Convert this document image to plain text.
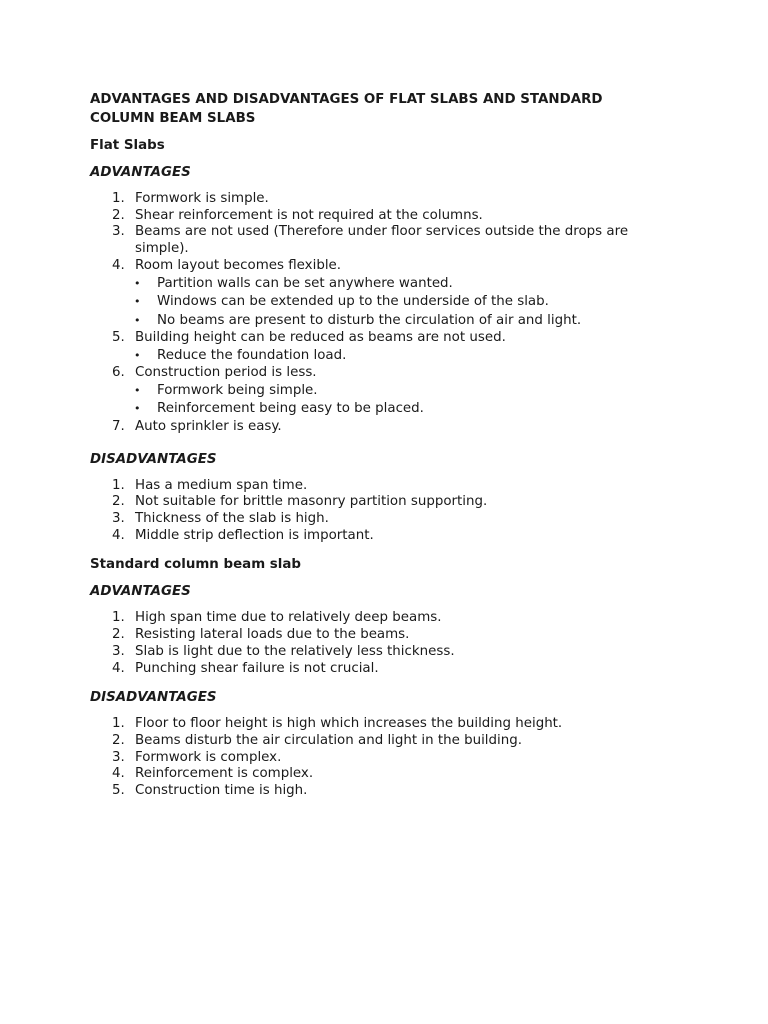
ADVANTAGES AND DISADVANTAGES OF FLAT SLABS AND STANDARD COLUMN BEAM SLABS
Flat Slabs
ADVANTAGES
1. Formwork is simple.
2. Shear reinforcement is not required at the columns.
3. Beams are not used (Therefore under floor services outside the drops are simple).
4. Room layout becomes flexible.
• Partition walls can be set anywhere wanted.
• Windows can be extended up to the underside of the slab.
• No beams are present to disturb the circulation of air and light.
5. Building height can be reduced as beams are not used.
• Reduce the foundation load.
6. Construction period is less.
• Formwork being simple.
• Reinforcement being easy to be placed.
7. Auto sprinkler is easy.
DISADVANTAGES
1. Has a medium span time.
2. Not suitable for brittle masonry partition supporting.
3. Thickness of the slab is high.
4. Middle strip deflection is important.
Standard column beam slab
ADVANTAGES
1. High span time due to relatively deep beams.
2. Resisting lateral loads due to the beams.
3. Slab is light due to the relatively less thickness.
4. Punching shear failure is not crucial.
DISADVANTAGES
1. Floor to floor height is high which increases the building height.
2. Beams disturb the air circulation and light in the building.
3. Formwork is complex.
4. Reinforcement is complex.
5. Construction time is high.
